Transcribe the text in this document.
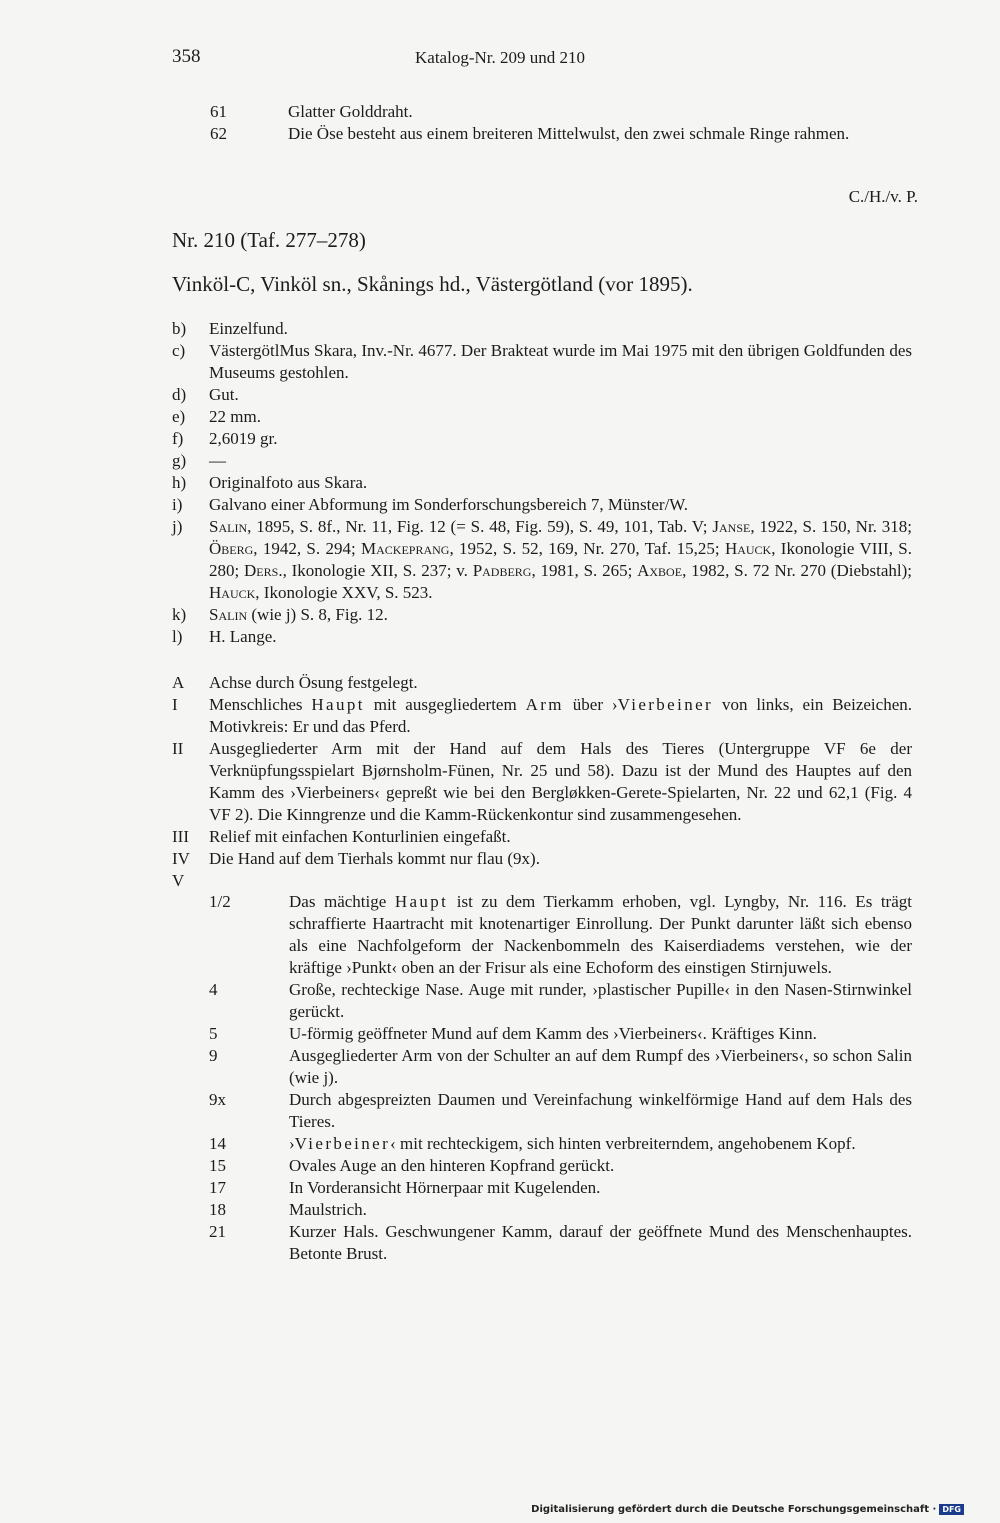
358	Katalog-Nr. 209 und 210
61	Glatter Golddraht.
62	Die Öse besteht aus einem breiteren Mittelwulst, den zwei schmale Ringe rahmen.
C./H./v. P.
Nr. 210 (Taf. 277–278)
Vinköl-C, Vinköl sn., Skånings hd., Västergötland (vor 1895).
b)	Einzelfund.
c)	VästergötlMus Skara, Inv.-Nr. 4677. Der Brakteat wurde im Mai 1975 mit den übrigen Goldfunden des Museums gestohlen.
d)	Gut.
e)	22 mm.
f)	2,6019 gr.
g)	—
h)	Originalfoto aus Skara.
i)	Galvano einer Abformung im Sonderforschungsbereich 7, Münster/W.
j)	Salin, 1895, S. 8f., Nr. 11, Fig. 12 (= S. 48, Fig. 59), S. 49, 101, Tab. V; Janse, 1922, S. 150, Nr. 318; Öberg, 1942, S. 294; Mackeprang, 1952, S. 52, 169, Nr. 270, Taf. 15,25; Hauck, Ikonologie VIII, S. 280; Ders., Ikonologie XII, S. 237; v. Padberg, 1981, S. 265; Axboe, 1982, S. 72 Nr. 270 (Diebstahl); Hauck, Ikonologie XXV, S. 523.
k)	Salin (wie j) S. 8, Fig. 12.
l)	H. Lange.
A	Achse durch Ösung festgelegt.
I	Menschliches Haupt mit ausgegliedertem Arm über ›Vierbeiner von links, ein Beizeichen. Motivkreis: Er und das Pferd.
II	Ausgegliederter Arm mit der Hand auf dem Hals des Tieres (Untergruppe VF 6e der Verknüpfungsspielart Bjørnsholm-Fünen, Nr. 25 und 58). Dazu ist der Mund des Hauptes auf den Kamm des ›Vierbeiners‹ gepreßt wie bei den Bergløkken-Gerete-Spielarten, Nr. 22 und 62,1 (Fig. 4 VF 2). Die Kinngrenze und die Kamm-Rückenkontur sind zusammengesehen.
III	Relief mit einfachen Konturlinien eingefaßt.
IV	Die Hand auf dem Tierhals kommt nur flau (9x).
V
1/2	Das mächtige Haupt ist zu dem Tierkamm erhoben, vgl. Lyngby, Nr. 116. Es trägt schraffierte Haartracht mit knotenartiger Einrollung. Der Punkt darunter läßt sich ebenso als eine Nachfolgeform der Nackenbommeln des Kaiserdiadems verstehen, wie der kräftige ›Punkt‹ oben an der Frisur als eine Echoform des einstigen Stirnjuwels.
4	Große, rechteckige Nase. Auge mit runder, ›plastischer Pupille‹ in den Nasen-Stirnwinkel gerückt.
5	U-förmig geöffneter Mund auf dem Kamm des ›Vierbeiners‹. Kräftiges Kinn.
9	Ausgegliederter Arm von der Schulter an auf dem Rumpf des ›Vierbeiners‹, so schon Salin (wie j).
9x	Durch abgespreizten Daumen und Vereinfachung winkelförmige Hand auf dem Hals des Tieres.
14	›Vierbeiner‹ mit rechteckigem, sich hinten verbreiterndem, angehobenem Kopf.
15	Ovales Auge an den hinteren Kopfrand gerückt.
17	In Vorderansicht Hörnerpaar mit Kugelenden.
18	Maulstrich.
21	Kurzer Hals. Geschwungener Kamm, darauf der geöffnete Mund des Menschenhauptes. Betonte Brust.
Digitalisierung gefördert durch die Deutsche Forschungsgemeinschaft · DFG
